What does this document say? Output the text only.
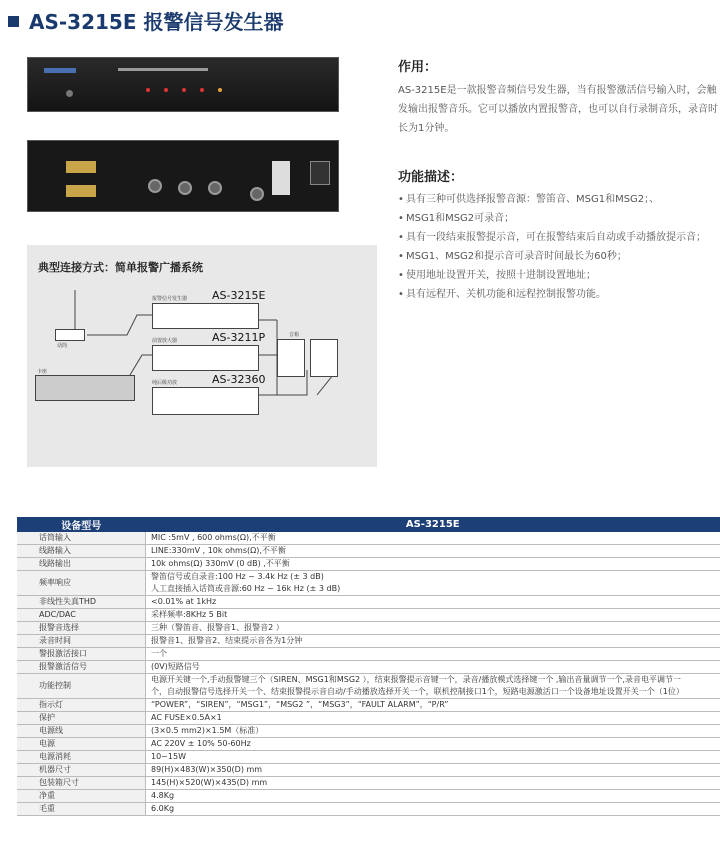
AS-3215E 报警信号发生器
作用：
AS-3215E是一款报警音频信号发生器，当有报警激活信号输入时，会触发输出报警音乐。它可以播放内置报警音，也可以自行录制音乐，录音时长为1分钟。
典型连接方式：简单报警广播系统
AS-3215E
AS-3211P
AS-32360
报警信号发生器
前置放大器
纯后级功放
话筒
卡座
音箱
功能描述：
• 具有三种可供选择报警音源：警笛音、MSG1和MSG2；、
• MSG1和MSG2可录音；
• 具有一段结束报警提示音，可在报警结束后自动或手动播放提示音；
• MSG1、MSG2和提示音可录音时间最长为60秒；
• 使用地址设置开关，按照十进制设置地址；
• 具有远程开、关机功能和远程控制报警功能。
设备型号	AS-3215E
话筒输入	MIC :5mV , 600 ohms(Ω),不平衡

线路输入	LINE:330mV , 10k ohms(Ω),不平衡

线路输出	10k ohms(Ω) 330mV (0 dB) ,不平衡

频率响应	警笛信号或自录音:100 Hz ~ 3.4k Hz (± 3 dB)
人工直接插入话筒或音源:60 Hz ~ 16k Hz (± 3 dB)

非线性失真THD	<0.01% at 1kHz

ADC/DAC	采样频率:8KHz 5 Bit

报警音选择	三种（警笛音、报警音1、报警音2 ）

录音时间	报警音1、报警音2、结束提示音各为1分钟

警报激活接口	一个

报警激活信号	(0V)短路信号

功能控制	电源开关键一个,手动报警键三个（SIREN、MSG1和MSG2 ），结束报警提示音键一个，录音/播放模式选择键一个 ,输出音量调节一个,录音电平调节一
个，自动报警信号选择开关一个、结束报警提示音自动/手动播放选择开关一个，联机控制接口1个，短路电源激活口一个设备地址设置开关一个（1位）

指示灯	“POWER”，“SIREN”，“MSG1”，“MSG2 ”，“MSG3”，“FAULT ALARM”，“P/R”

保护	AC FUSE×0.5A×1

电源线	(3×0.5 mm2)×1.5M（标准）

电源	AC 220V ± 10% 50-60Hz

电源消耗	10~15W

机器尺寸	89(H)×483(W)×350(D) mm

包装箱尺寸	145(H)×520(W)×435(D) mm

净重	4.8Kg

毛重	6.0Kg
